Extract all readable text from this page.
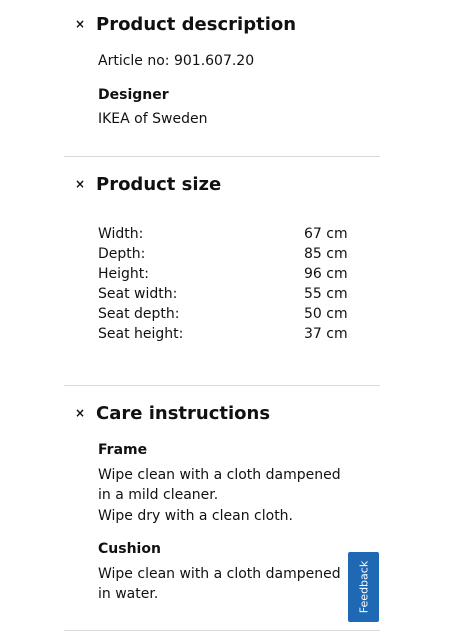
× Product description
Article no: 901.607.20
Designer
IKEA of Sweden
× Product size
Width:	67 cm
Depth:	85 cm
Height:	96 cm
Seat width:	55 cm
Seat depth:	50 cm
Seat height:	37 cm
× Care instructions
Frame
Wipe clean with a cloth dampened
in a mild cleaner.
Wipe dry with a clean cloth.
Cushion
Wipe clean with a cloth dampened
in water.	Feedback
